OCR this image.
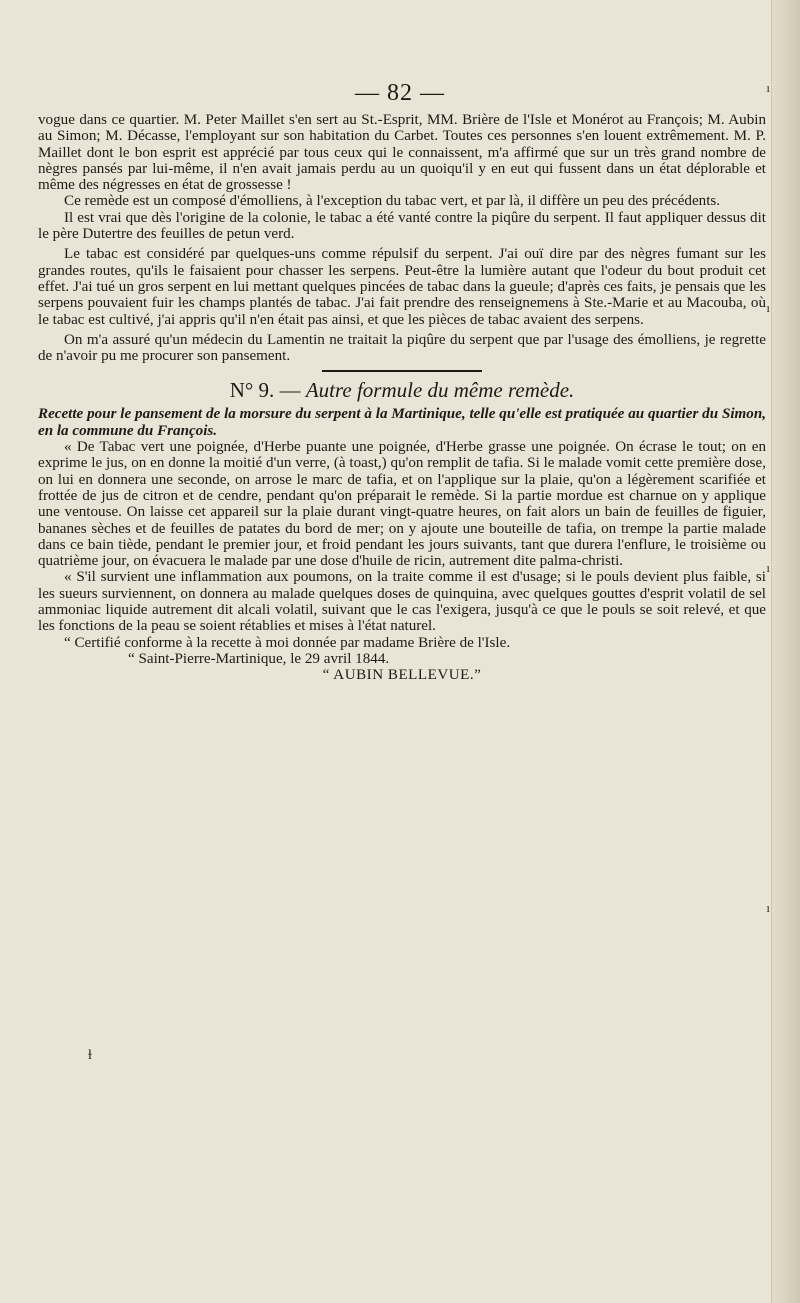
— 82 —

vogue dans ce quartier. M. Peter Maillet s'en sert au St.-Esprit, MM. Brière de l'Isle et Monérot au François; M. Aubin au Simon; M. Décasse, l'employant sur son habitation du Carbet. Toutes ces personnes s'en louent extrêmement. M. P. Maillet dont le bon esprit est apprécié par tous ceux qui le connaissent, m'a affirmé que sur un très grand nombre de nègres pansés par lui-même, il n'en avait jamais perdu au un quoiqu'il y en eut qui fussent dans un état déplorable et même des négresses en état de grossesse !

Ce remède est un composé d'émolliens, à l'exception du tabac vert, et par là, il diffère un peu des précédents.

Il est vrai que dès l'origine de la colonie, le tabac a été vanté contre la piqûre du serpent. Il faut appliquer dessus dit le père Dutertre des feuilles de petun verd.

Le tabac est considéré par quelques-uns comme répulsif du serpent. J'ai ouï dire par des nègres fumant sur les grandes routes, qu'ils le faisaient pour chasser les serpens. Peut-être la lumière autant que l'odeur du bout produit cet effet. J'ai tué un gros serpent en lui mettant quelques pincées de tabac dans la gueule; d'après ces faits, je pensais que les serpens pouvaient fuir les champs plantés de tabac. J'ai fait prendre des renseignemens à Ste.-Marie et au Macouba, où le tabac est cultivé, j'ai appris qu'il n'en était pas ainsi, et que les pièces de tabac avaient des serpens.

On m'a assuré qu'un médecin du Lamentin ne traitait la piqûre du serpent que par l'usage des émolliens, je regrette de n'avoir pu me procurer son pansement.

N° 9. — Autre formule du même remède.

Recette pour le pansement de la morsure du serpent à la Martinique, telle qu'elle est pratiquée au quartier du Simon, en la commune du François.

« De Tabac vert une poignée, d'Herbe puante une poignée, d'Herbe grasse une poignée. On écrase le tout; on en exprime le jus, on en donne la moitié d'un verre, (à toast,) qu'on remplit de tafia. Si le malade vomit cette première dose, on lui en donnera une seconde, on arrose le marc de tafia, et on l'applique sur la plaie, qu'on a légèrement scarifiée et frottée de jus de citron et de cendre, pendant qu'on préparait le remède. Si la partie mordue est charnue on y applique une ventouse. On laisse cet appareil sur la plaie durant vingt-quatre heures, on fait alors un bain de feuilles de figuier, bananes sèches et de feuilles de patates du bord de mer; on y ajoute une bouteille de tafia, on trempe la partie malade dans ce bain tiède, pendant le premier jour, et froid pendant les jours suivants, tant que durera l'enflure, le troisième ou quatrième jour, on évacuera le malade par une dose d'huile de ricin, autrement dite palma-christi.

« S'il survient une inflammation aux poumons, on la traite comme il est d'usage; si le pouls devient plus faible, si les sueurs surviennent, on donnera au malade quelques doses de quinquina, avec quelques gouttes d'esprit volatil de sel ammoniac liquide autrement dit alcali volatil, suivant que le cas l'exigera, jusqu'à ce que le pouls se soit relevé, et que les fonctions de la peau se soient rétablies et mises à l'état naturel.

“ Certifié conforme à la recette à moi donnée par madame Brière de l'Isle.

“ Saint-Pierre-Martinique, le 29 avril 1844.

“ AUBIN BELLEVUE.”

ɫ
ı
ı
ı
ı
